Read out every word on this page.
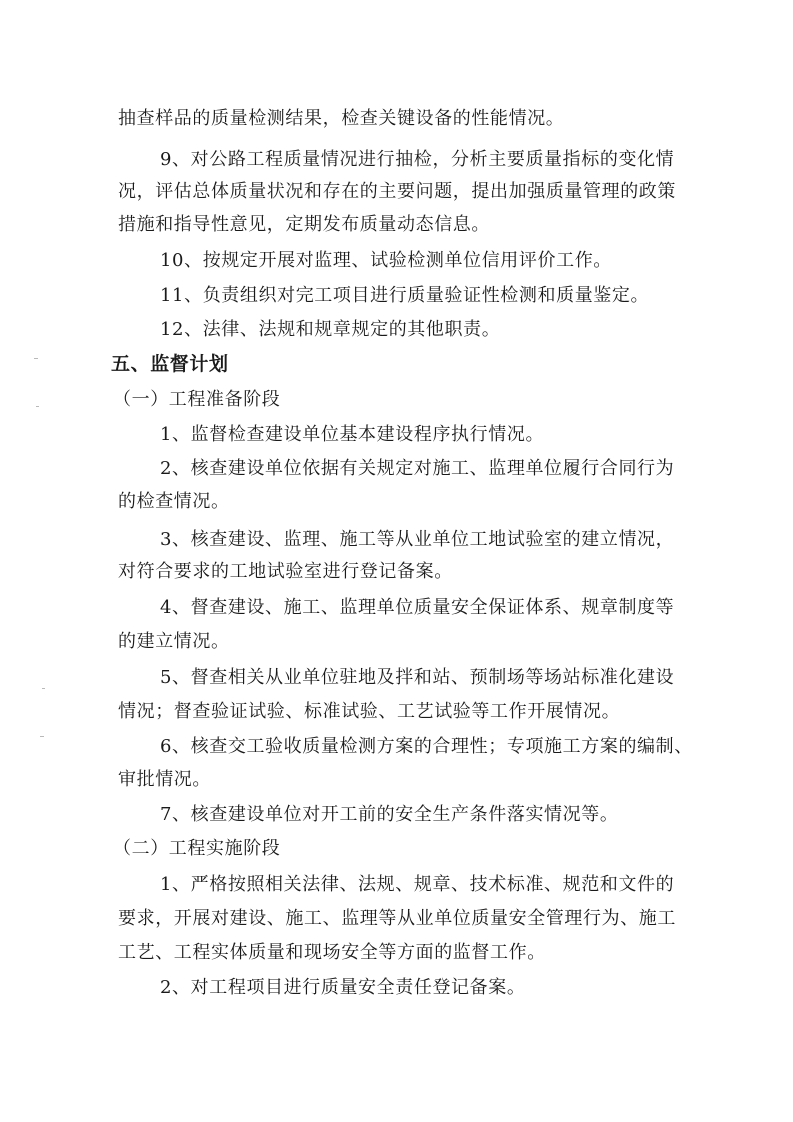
抽查样品的质量检测结果，检查关键设备的性能情况。
9、对公路工程质量情况进行抽检，分析主要质量指标的变化情
况，评估总体质量状况和存在的主要问题，提出加强质量管理的政策
措施和指导性意见，定期发布质量动态信息。
10、按规定开展对监理、试验检测单位信用评价工作。
11、负责组织对完工项目进行质量验证性检测和质量鉴定。
12、法律、法规和规章规定的其他职责。
五、监督计划
（一）工程准备阶段
1、监督检查建设单位基本建设程序执行情况。
2、核查建设单位依据有关规定对施工、监理单位履行合同行为
的检查情况。
3、核查建设、监理、施工等从业单位工地试验室的建立情况，
对符合要求的工地试验室进行登记备案。
4、督查建设、施工、监理单位质量安全保证体系、规章制度等
的建立情况。
5、督查相关从业单位驻地及拌和站、预制场等场站标准化建设
情况；督查验证试验、标准试验、工艺试验等工作开展情况。
6、核查交工验收质量检测方案的合理性；专项施工方案的编制、
审批情况。
7、核查建设单位对开工前的安全生产条件落实情况等。
（二）工程实施阶段
1、严格按照相关法律、法规、规章、技术标准、规范和文件的
要求，开展对建设、施工、监理等从业单位质量安全管理行为、施工
工艺、工程实体质量和现场安全等方面的监督工作。
2、对工程项目进行质量安全责任登记备案。
